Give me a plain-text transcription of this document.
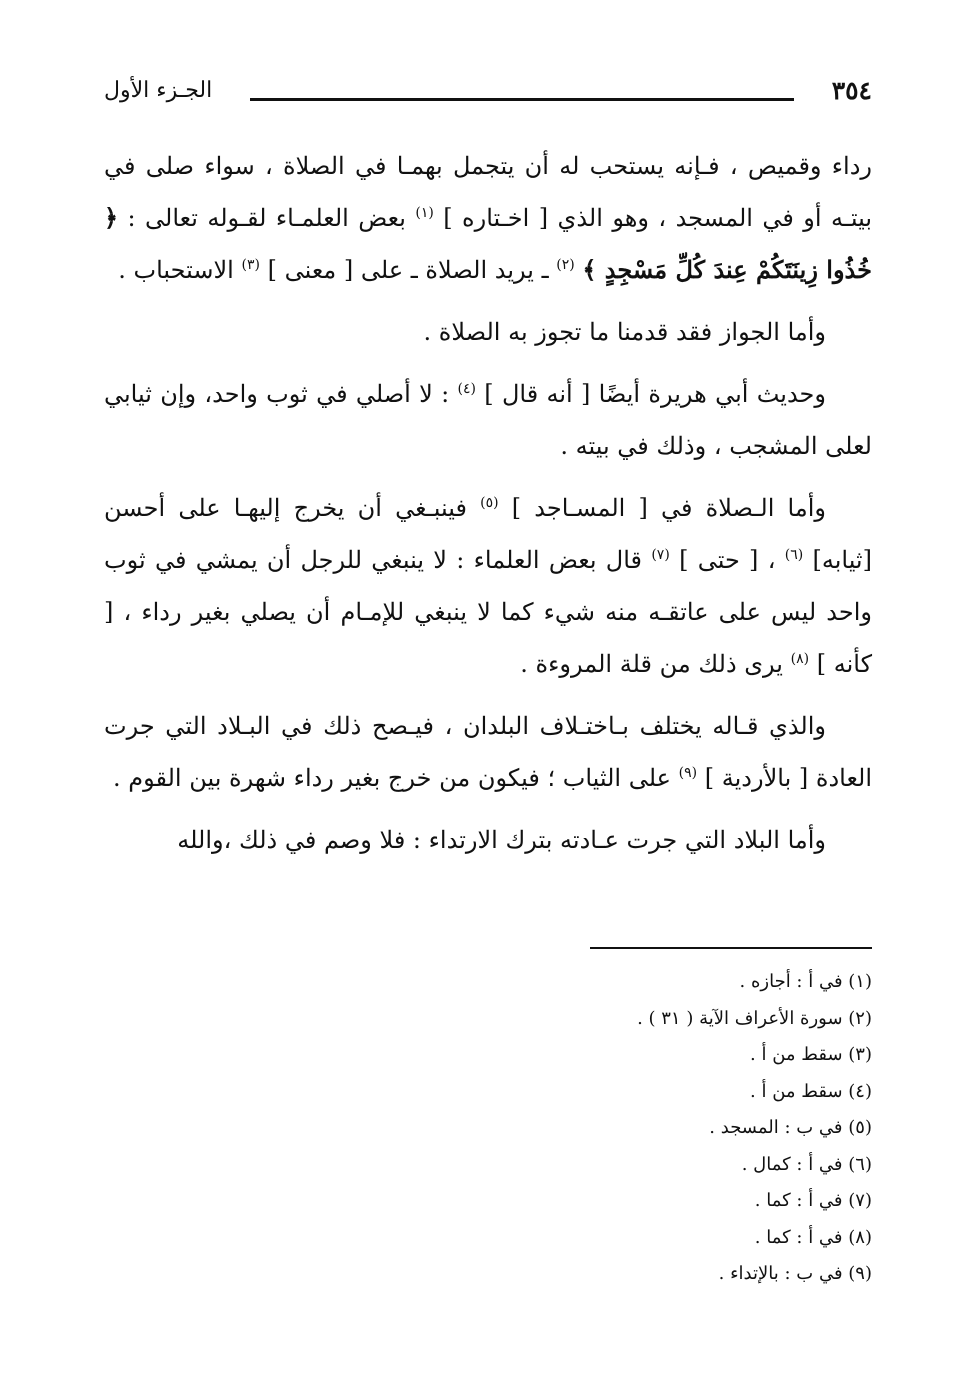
الجـزء الأول	٣٥٤

رداء وقميص ، فـإنه يستحب له أن يتجمل بهمـا في الصلاة ، سواء صلى في بيتـه أو في المسجد ، وهو الذي [ اخـتاره ] $^{(١)}$ بعض العلمـاء لقـوله تعالى : ﴿ خُذُوا زِينَتَكُمْ عِندَ كُلِّ مَسْجِدٍ ﴾ $^{(٢)}$ ـ يريد الصلاة ـ على [ معنى ] $^{(٣)}$ الاستحباب .

وأما الجواز فقد قدمنا ما تجوز به الصلاة .

وحديث أبي هريرة أيضًا [ أنه قال ] $^{(٤)}$ : لا أصلي في ثوب واحد، وإن ثيابي لعلى المشجب ، وذلك في بيته .

وأما الـصلاة في [ المسـاجد ] $^{(٥)}$ فينبـغي أن يخرج إليهـا على أحسن [ثيابه] $^{(٦)}$ ، [ حتى ] $^{(٧)}$ قال بعض العلماء : لا ينبغي للرجل أن يمشي في ثوب واحد ليس على عاتقـه منه شيء كما لا ينبغي للإمـام أن يصلي بغير رداء ، [ كأنه ] $^{(٨)}$ يرى ذلك من قلة المروءة .

والذي قـاله يختلف بـاختـلاف البلدان ، فيـصح ذلك في البـلاد التي جرت العادة [ بالأردية ] $^{(٩)}$ على الثياب ؛ فيكون من خرج بغير رداء شهرة بين القوم .

وأما البلاد التي جرت عـادته بترك الارتداء : فلا وصم في ذلك ،والله

(١) في أ : أجازه .
(٢) سورة الأعراف الآية ( ٣١ ) .
(٣) سقط من أ .
(٤) سقط من أ .
(٥) في ب : المسجد .
(٦) في أ : كمال .
(٧) في أ : كما .
(٨) في أ : كما .
(٩) في ب : بالإتداء .
